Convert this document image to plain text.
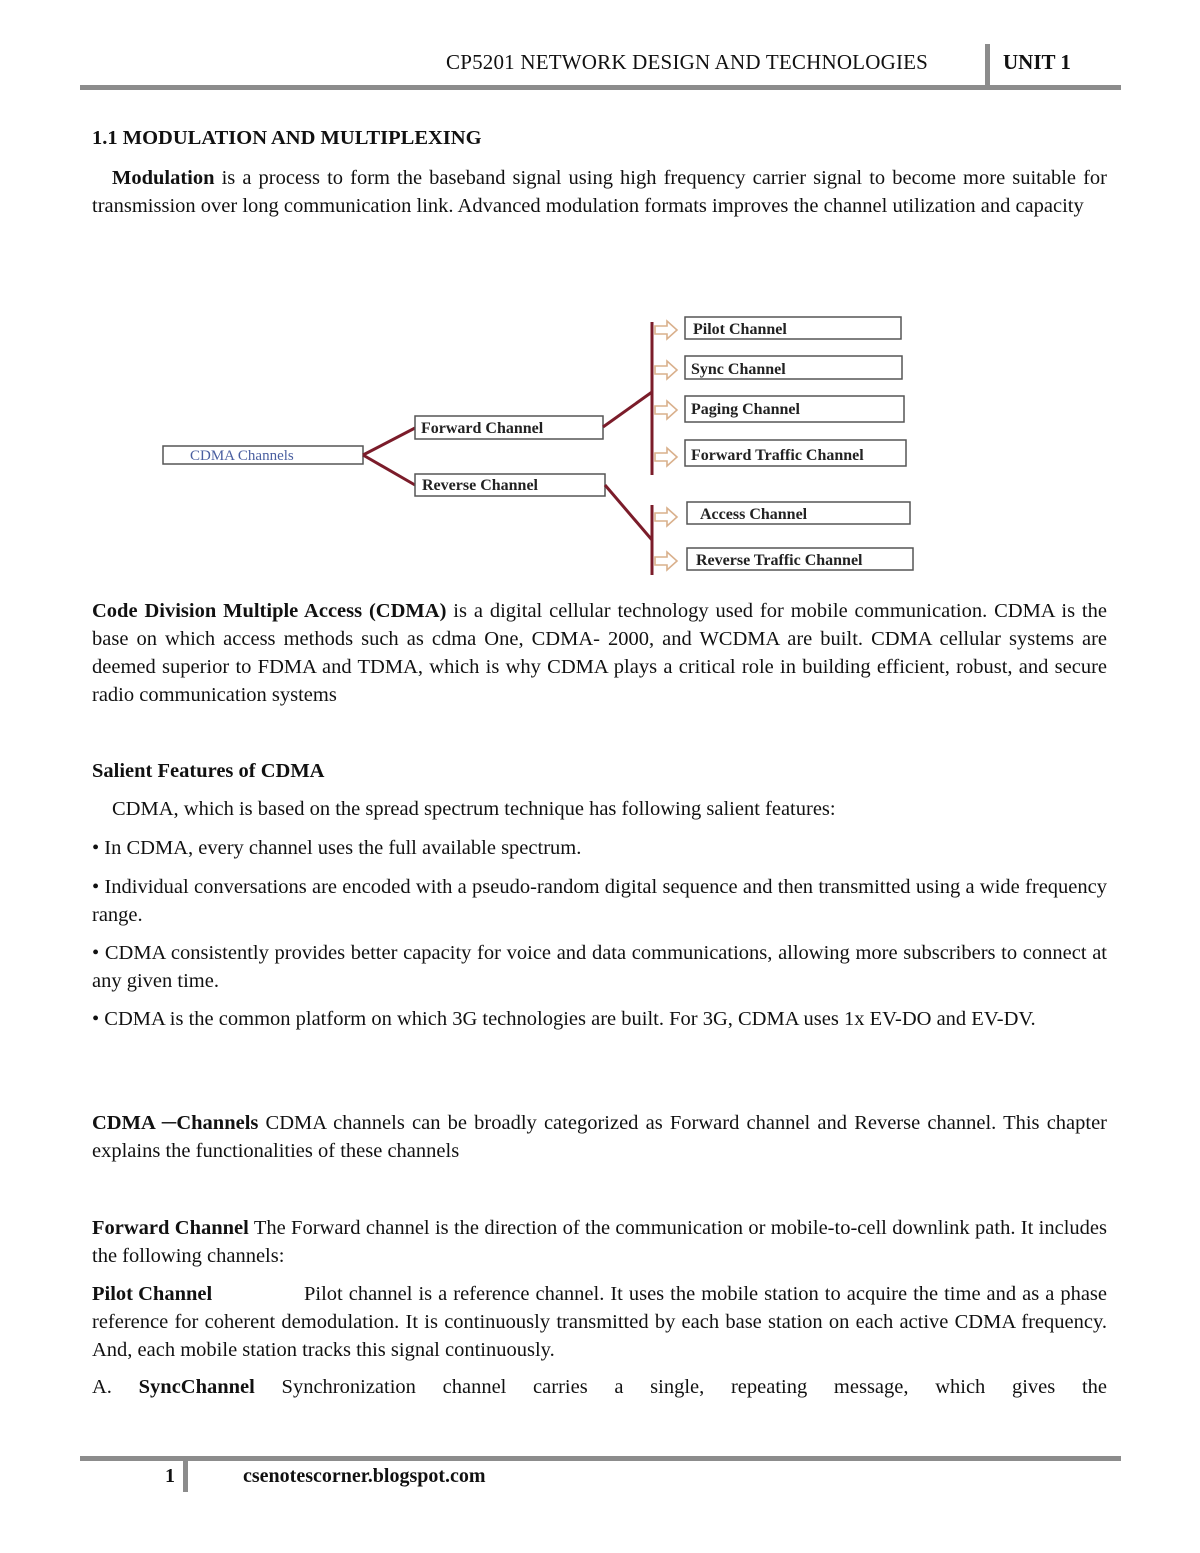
CP5201 NETWORK DESIGN AND TECHNOLOGIES	UNIT 1
1.1 MODULATION AND MULTIPLEXING

Modulation is a process to form the baseband signal using high frequency carrier signal to become more suitable for transmission over long communication link. Advanced modulation formats improves the channel utilization and capacity

CDMA Channels
Forward Channel
Reverse Channel
Pilot Channel
Sync Channel
Paging Channel
Forward Traffic Channel
Access Channel
Reverse Traffic Channel

Code Division Multiple Access (CDMA) is a digital cellular technology used for mobile communication. CDMA is the base on which access methods such as cdma One, CDMA- 2000, and WCDMA are built. CDMA cellular systems are deemed superior to FDMA and TDMA, which is why CDMA plays a critical role in building efficient, robust, and secure radio communication systems

Salient Features of CDMA

CDMA, which is based on the spread spectrum technique has following salient features:

• In CDMA, every channel uses the full available spectrum.
• Individual conversations are encoded with a pseudo-random digital sequence and then transmitted using a wide frequency range.
• CDMA consistently provides better capacity for voice and data communications, allowing more subscribers to connect at any given time.
• CDMA is the common platform on which 3G technologies are built. For 3G, CDMA uses 1x EV-DO and EV-DV.

CDMA ─Channels CDMA channels can be broadly categorized as Forward channel and Reverse channel. This chapter explains the functionalities of these channels

Forward Channel The Forward channel is the direction of the communication or mobile-to-cell downlink path. It includes the following channels:

Pilot Channel	Pilot channel is a reference channel. It uses the mobile station to acquire the time and as a phase reference for coherent demodulation. It is continuously transmitted by each base station on each active CDMA frequency. And, each mobile station tracks this signal continuously.

A. SyncChannel Synchronization channel carries a single, repeating message, which gives the

1	csenotescorner.blogspot.com
